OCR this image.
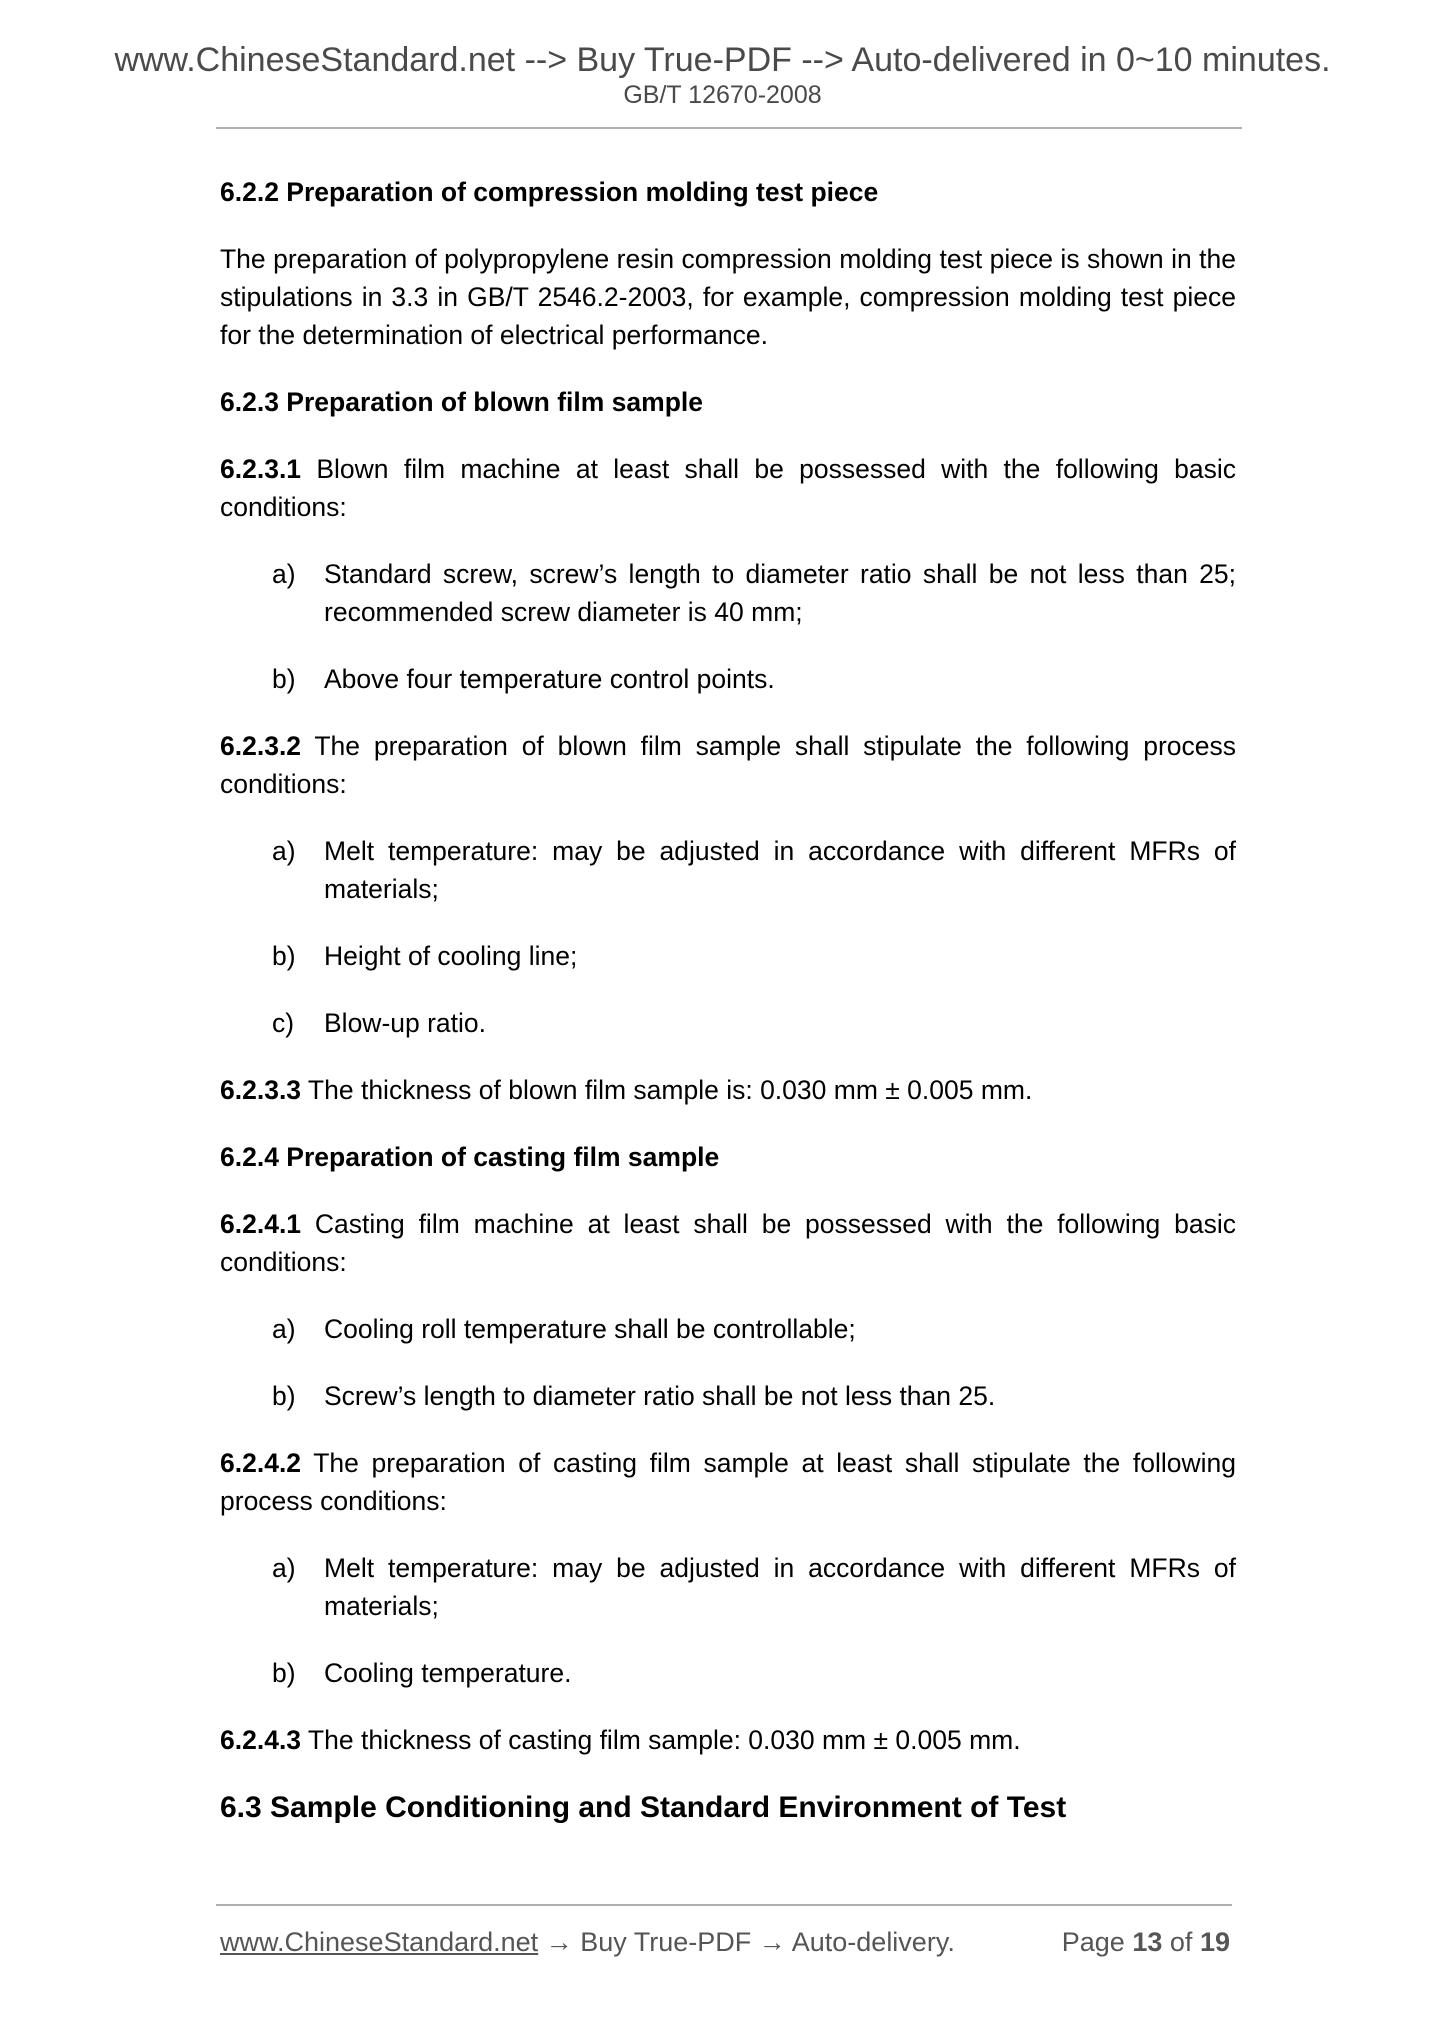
www.ChineseStandard.net --> Buy True-PDF --> Auto-delivered in 0~10 minutes.
GB/T 12670-2008
6.2.2 Preparation of compression molding test piece
The preparation of polypropylene resin compression molding test piece is shown in the stipulations in 3.3 in GB/T 2546.2-2003, for example, compression molding test piece for the determination of electrical performance.
6.2.3 Preparation of blown film sample
6.2.3.1 Blown film machine at least shall be possessed with the following basic conditions:
a)	Standard screw, screw’s length to diameter ratio shall be not less than 25; recommended screw diameter is 40 mm;
b)	Above four temperature control points.
6.2.3.2 The preparation of blown film sample shall stipulate the following process conditions:
a)	Melt temperature: may be adjusted in accordance with different MFRs of materials;
b)	Height of cooling line;
c)	Blow-up ratio.
6.2.3.3 The thickness of blown film sample is: 0.030 mm ± 0.005 mm.
6.2.4 Preparation of casting film sample
6.2.4.1 Casting film machine at least shall be possessed with the following basic conditions:
a)	Cooling roll temperature shall be controllable;
b)	Screw’s length to diameter ratio shall be not less than 25.
6.2.4.2 The preparation of casting film sample at least shall stipulate the following process conditions:
a)	Melt temperature: may be adjusted in accordance with different MFRs of materials;
b)	Cooling temperature.
6.2.4.3 The thickness of casting film sample: 0.030 mm ± 0.005 mm.
6.3 Sample Conditioning and Standard Environment of Test
www.ChineseStandard.net → Buy True-PDF → Auto-delivery.	Page 13 of 19
